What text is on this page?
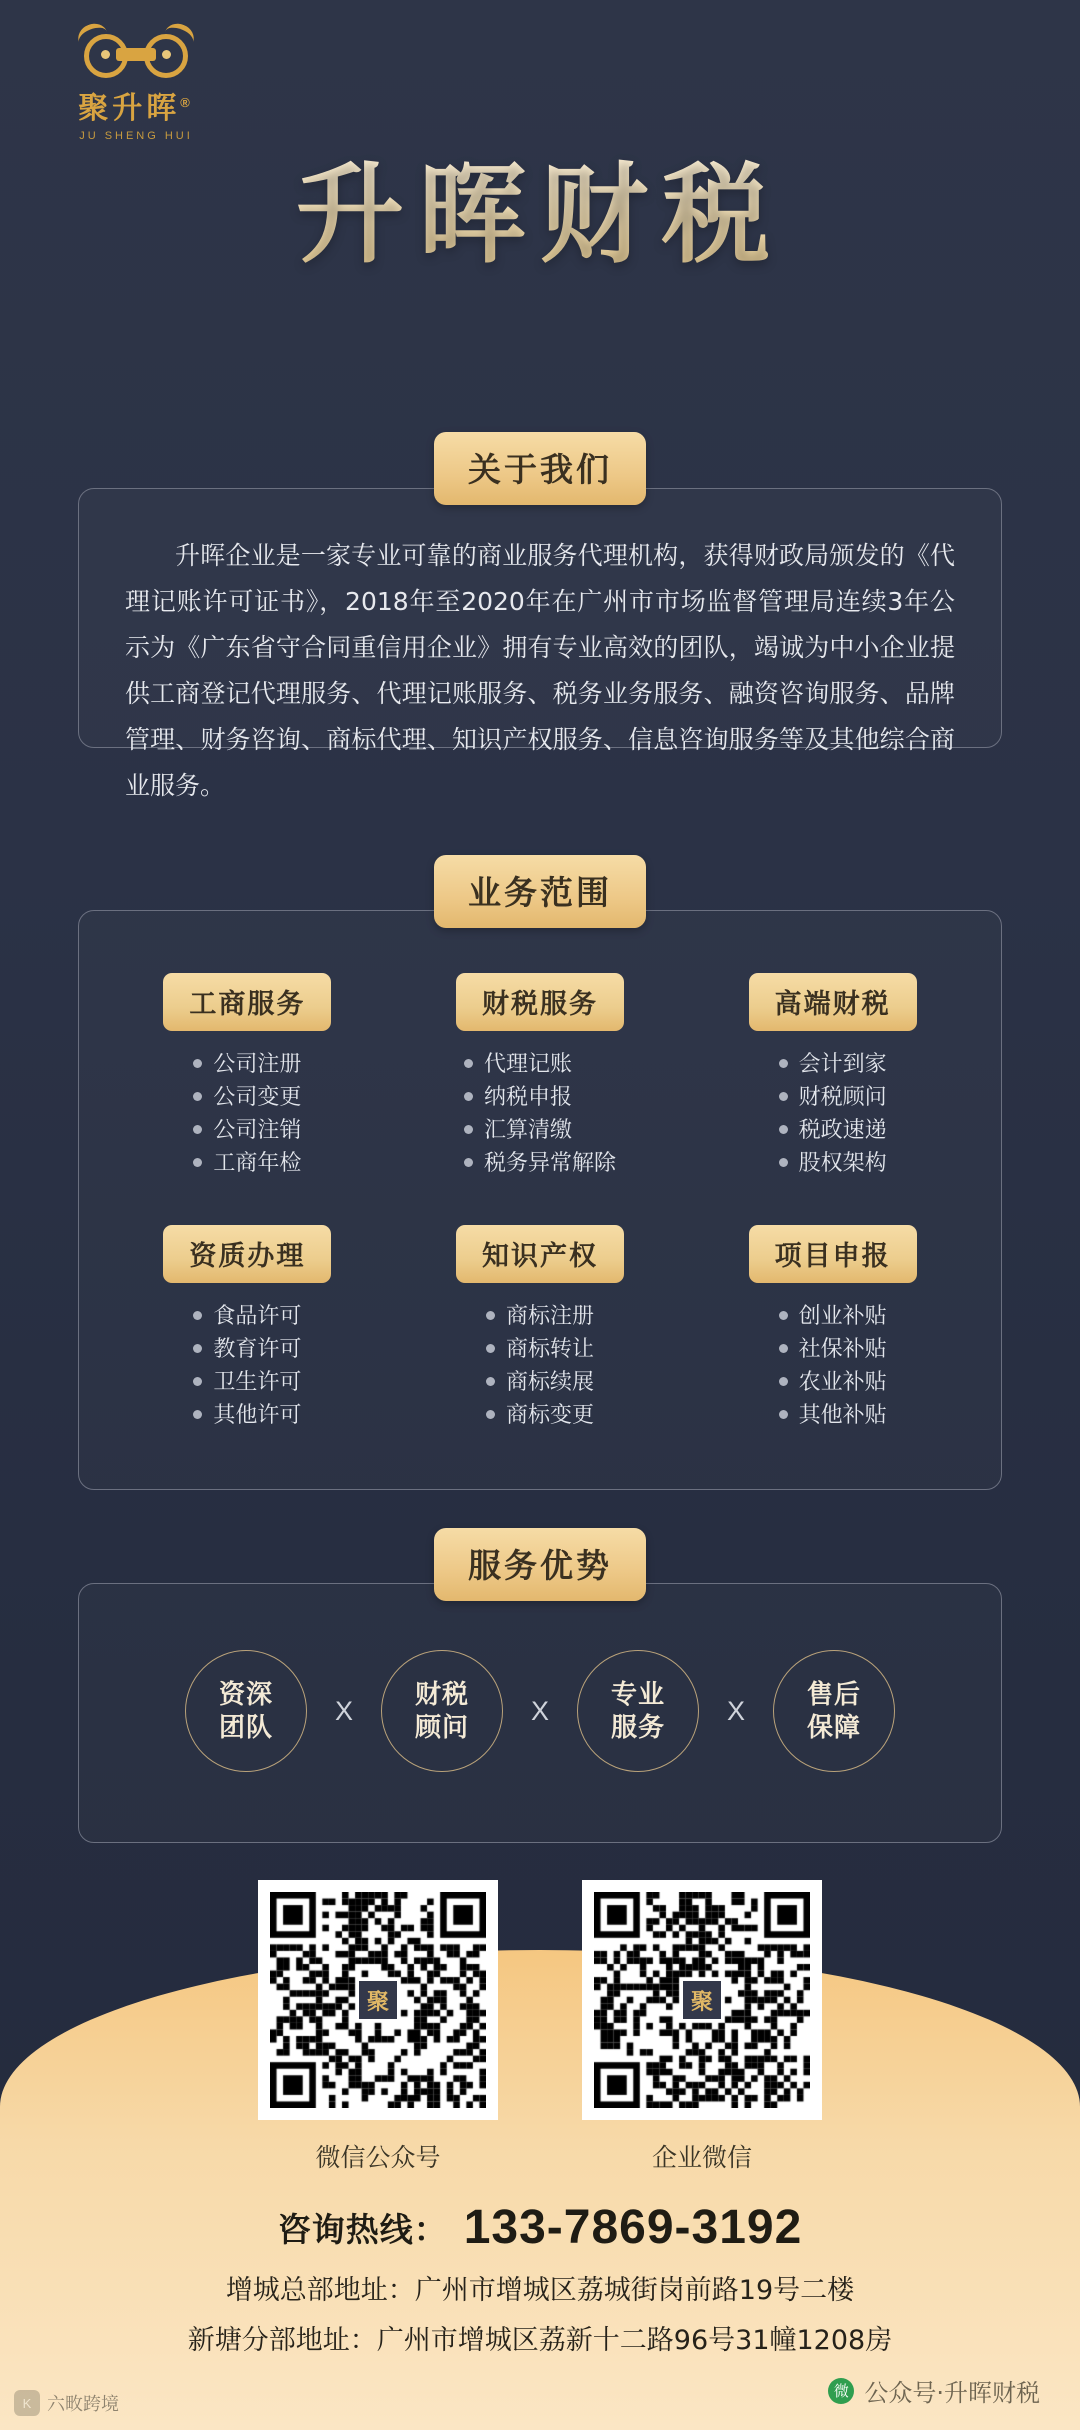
聚升晖®
升晖财税
关于我们

升晖企业是一家专业可靠的商业服务代理机构，获得财政局颁发的《代理记账许可证书》，2018年至2020年在广州市市场监督管理局连续3年公示为《广东省守合同重信用企业》拥有专业高效的团队，竭诚为中小企业提供工商登记代理服务、代理记账服务、税务业务服务、融资咨询服务、品牌管理、财务咨询、商标代理、知识产权服务、信息咨询服务等及其他综合商业服务。

业务范围
工商服务
公司注册
公司变更
公司注销
工商年检
财税服务
代理记账
纳税申报
汇算清缴
税务异常解除
高端财税
会计到家
财税顾问
税政速递
股权架构
资质办理
食品许可
教育许可
卫生许可
其他许可
知识产权
商标注册
商标转让
商标续展
商标变更
项目申报
创业补贴
社保补贴
农业补贴
其他补贴
服务优势
资深
团队
X
财税
顾问
X
专业
服务
X
售后
保障
聚
微信公众号
聚
企业微信
咨询热线： 133-7869-3192
增城总部地址：广州市增城区荔城街岗前路19号二楼
新塘分部地址：广州市增城区荔新十二路96号31幢1208房
微 公众号·升晖财税
K 六畋跨境
